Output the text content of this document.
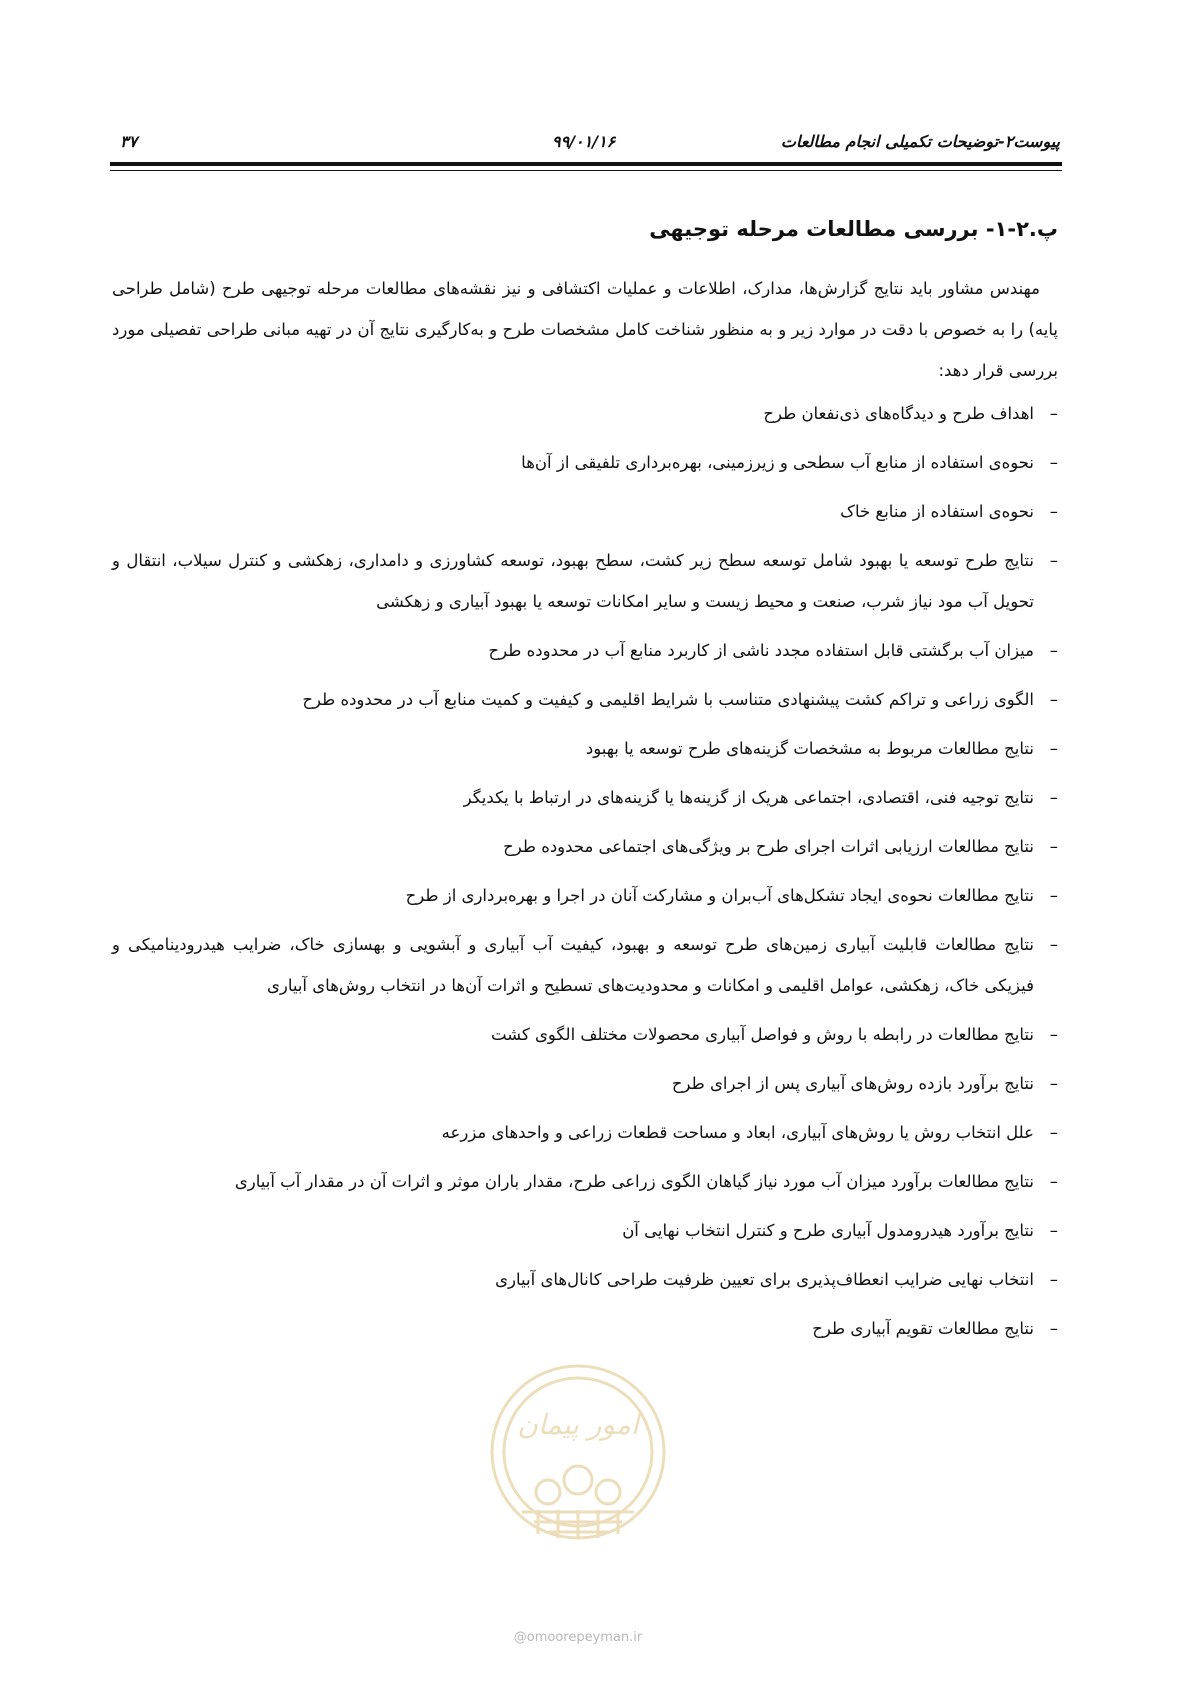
پیوست۲-توضیحات تکمیلی انجام مطالعات
۹۹/۰۱/۱۶
۳۷
پ.۲-۱- بررسی مطالعات مرحله توجیهی

مهندس مشاور باید نتایج گزارش‌ها، مدارک، اطلاعات و عملیات اکتشافی و نیز نقشه‌های مطالعات مرحله توجیهی طرح (شامل طراحی پایه) را به خصوص با دقت در موارد زیر و به منظور شناخت کامل مشخصات طرح و به‌کارگیری نتایج آن در تهیه مبانی طراحی تفصیلی مورد بررسی قرار دهد:

–
اهداف طرح و دیدگاه‌های ذی‌نفعان طرح
–
نحوه‌ی استفاده از منابع آب سطحی و زیرزمینی، بهره‌برداری تلفیقی از آن‌ها
–
نحوه‌ی استفاده از منابع خاک
–
نتایج طرح توسعه یا بهبود شامل توسعه سطح زیر کشت، سطح بهبود، توسعه کشاورزی و دامداری، زهکشی و کنترل سیلاب، انتقال و تحویل آب مود نیاز شرب، صنعت و محیط زیست و سایر امکانات توسعه یا بهبود آبیاری و زهکشی
–
میزان آب برگشتی قابل استفاده مجدد ناشی از کاربرد منابع آب در محدوده طرح
–
الگوی زراعی و تراکم کشت پیشنهادی متناسب با شرایط اقلیمی و کیفیت و کمیت منابع آب در محدوده طرح
–
نتایج مطالعات مربوط به مشخصات گزینه‌های طرح توسعه یا بهبود
–
نتایج توجیه فنی، اقتصادی، اجتماعی هریک از گزینه‌ها یا گزینه‌های در ارتباط با یکدیگر
–
نتایج مطالعات ارزیابی اثرات اجرای طرح بر ویژگی‌های اجتماعی محدوده طرح
–
نتایج مطالعات نحوه‌ی ایجاد تشکل‌های آب‌بران و مشارکت آنان در اجرا و بهره‌برداری از طرح
–
نتایج مطالعات قابلیت آبیاری زمین‌های طرح توسعه و بهبود، کیفیت آب آبیاری و آبشویی و بهسازی خاک، ضرایب هیدرودینامیکی و فیزیکی خاک، زهکشی، عوامل اقلیمی و امکانات و محدودیت‌های تسطیح و اثرات آن‌ها در انتخاب روش‌های آبیاری
–
نتایج مطالعات در رابطه با روش و فواصل آبیاری محصولات مختلف الگوی کشت
–
نتایج برآورد بازده روش‌های آبیاری پس از اجرای طرح
–
علل انتخاب روش یا روش‌های آبیاری، ابعاد و مساحت قطعات زراعی و واحدهای مزرعه
–
نتایج مطالعات برآورد میزان آب مورد نیاز گیاهان الگوی زراعی طرح، مقدار باران موثر و اثرات آن در مقدار آب آبیاری
–
نتایج برآورد هیدرومدول آبیاری طرح و کنترل انتخاب نهایی آن
–
انتخاب نهایی ضرایب انعطاف‌پذیری برای تعیین ظرفیت طراحی کانال‌های آبیاری
–
نتایج مطالعات تقویم آبیاری طرح
امور پیمان
@omoorepeyman.ir
